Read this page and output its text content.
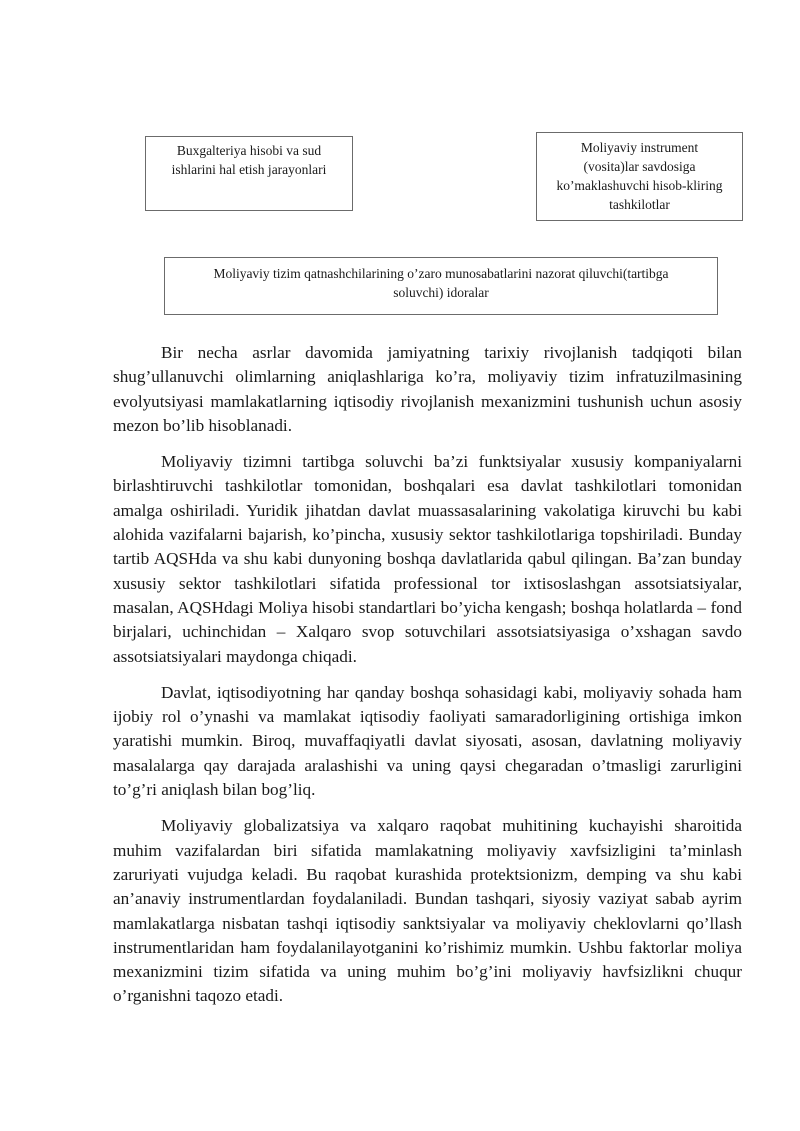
Buxgalteriya hisobi va sud
ishlarini hal etish jarayonlari
Moliyaviy instrument
(vosita)lar savdosiga
ko’maklashuvchi hisob-kliring
tashkilotlar
Moliyaviy tizim qatnashchilarining o’zaro munosabatlarini nazorat qiluvchi(tartibga
soluvchi) idoralar

Bir necha asrlar davomida jamiyatning tarixiy rivojlanish tadqiqoti bilan shug’ullanuvchi olimlarning aniqlashlariga ko’ra, moliyaviy tizim infratuzilmasining evolyutsiyasi mamlakatlarning iqtisodiy rivojlanish mexanizmini tushunish uchun asosiy mezon bo’lib hisoblanadi.

Moliyaviy tizimni tartibga soluvchi ba’zi funktsiyalar xususiy kompaniyalarni birlashtiruvchi tashkilotlar tomonidan, boshqalari esa davlat tashkilotlari tomonidan amalga oshiriladi. Yuridik jihatdan davlat muassasalarining vakolatiga kiruvchi bu kabi alohida vazifalarni bajarish, ko’pincha, xususiy sektor tashkilotlariga topshiriladi. Bunday tartib AQSHda va shu kabi dunyoning boshqa davlatlarida qabul qilingan. Ba’zan bunday xususiy sektor tashkilotlari sifatida professional tor ixtisoslashgan assotsiatsiyalar, masalan, AQSHdagi Moliya hisobi standartlari bo’yicha kengash; boshqa holatlarda – fond birjalari, uchinchidan – Xalqaro svop sotuvchilari assotsiatsiyasiga o’xshagan savdo assotsiatsiyalari maydonga chiqadi.

Davlat, iqtisodiyotning har qanday boshqa sohasidagi kabi, moliyaviy sohada ham ijobiy rol o’ynashi va mamlakat iqtisodiy faoliyati samaradorligining ortishiga imkon yaratishi mumkin. Biroq, muvaffaqiyatli davlat siyosati, asosan, davlatning moliyaviy masalalarga qay darajada aralashishi va uning qaysi chegaradan o’tmasligi zarurligini to’g’ri aniqlash bilan bog’liq.

Moliyaviy globalizatsiya va xalqaro raqobat muhitining kuchayishi sharoitida muhim vazifalardan biri sifatida mamlakatning moliyaviy xavfsizligini ta’minlash zaruriyati vujudga keladi. Bu raqobat kurashida protektsionizm, demping va shu kabi an’anaviy instrumentlardan foydalaniladi. Bundan tashqari, siyosiy vaziyat sabab ayrim mamlakatlarga nisbatan tashqi iqtisodiy sanktsiyalar va moliyaviy cheklovlarni qo’llash instrumentlaridan ham foydalanilayotganini ko’rishimiz mumkin. Ushbu faktorlar moliya mexanizmini tizim sifatida va uning muhim bo’g’ini moliyaviy havfsizlikni chuqur o’rganishni taqozo etadi.
